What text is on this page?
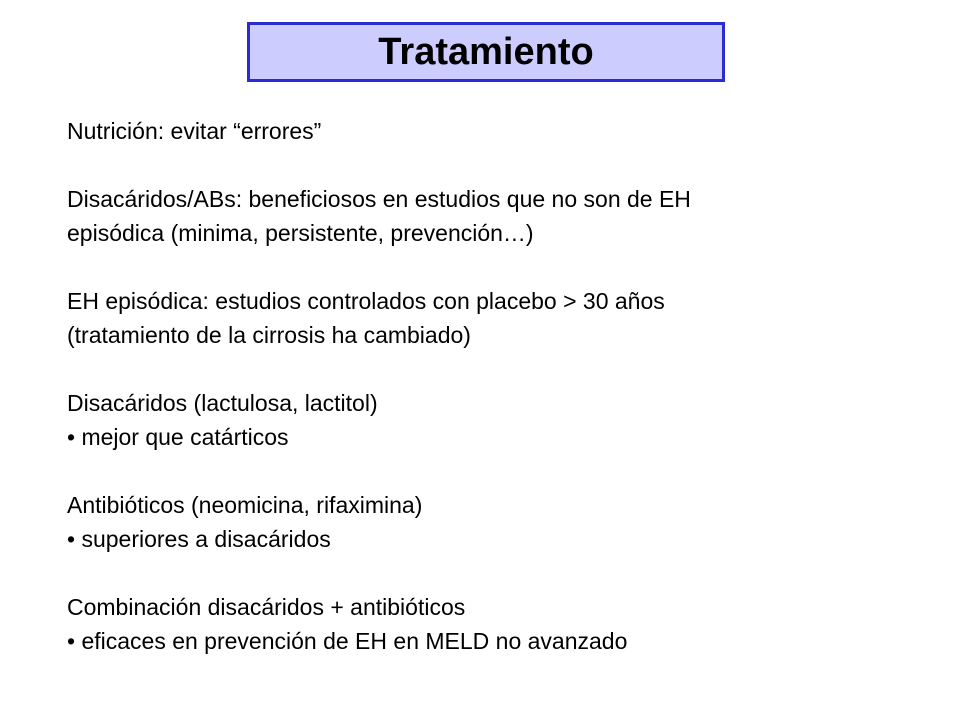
Tratamiento
Nutrición: evitar “errores”
Disacáridos/ABs: beneficiosos en estudios que no son de EH
episódica (minima, persistente, prevención…)
EH episódica: estudios controlados con placebo > 30 años
(tratamiento de la cirrosis ha cambiado)
Disacáridos (lactulosa, lactitol)
• mejor que catárticos
Antibióticos (neomicina, rifaximina)
• superiores a disacáridos
Combinación disacáridos + antibióticos
• eficaces en prevención de EH en MELD no avanzado
